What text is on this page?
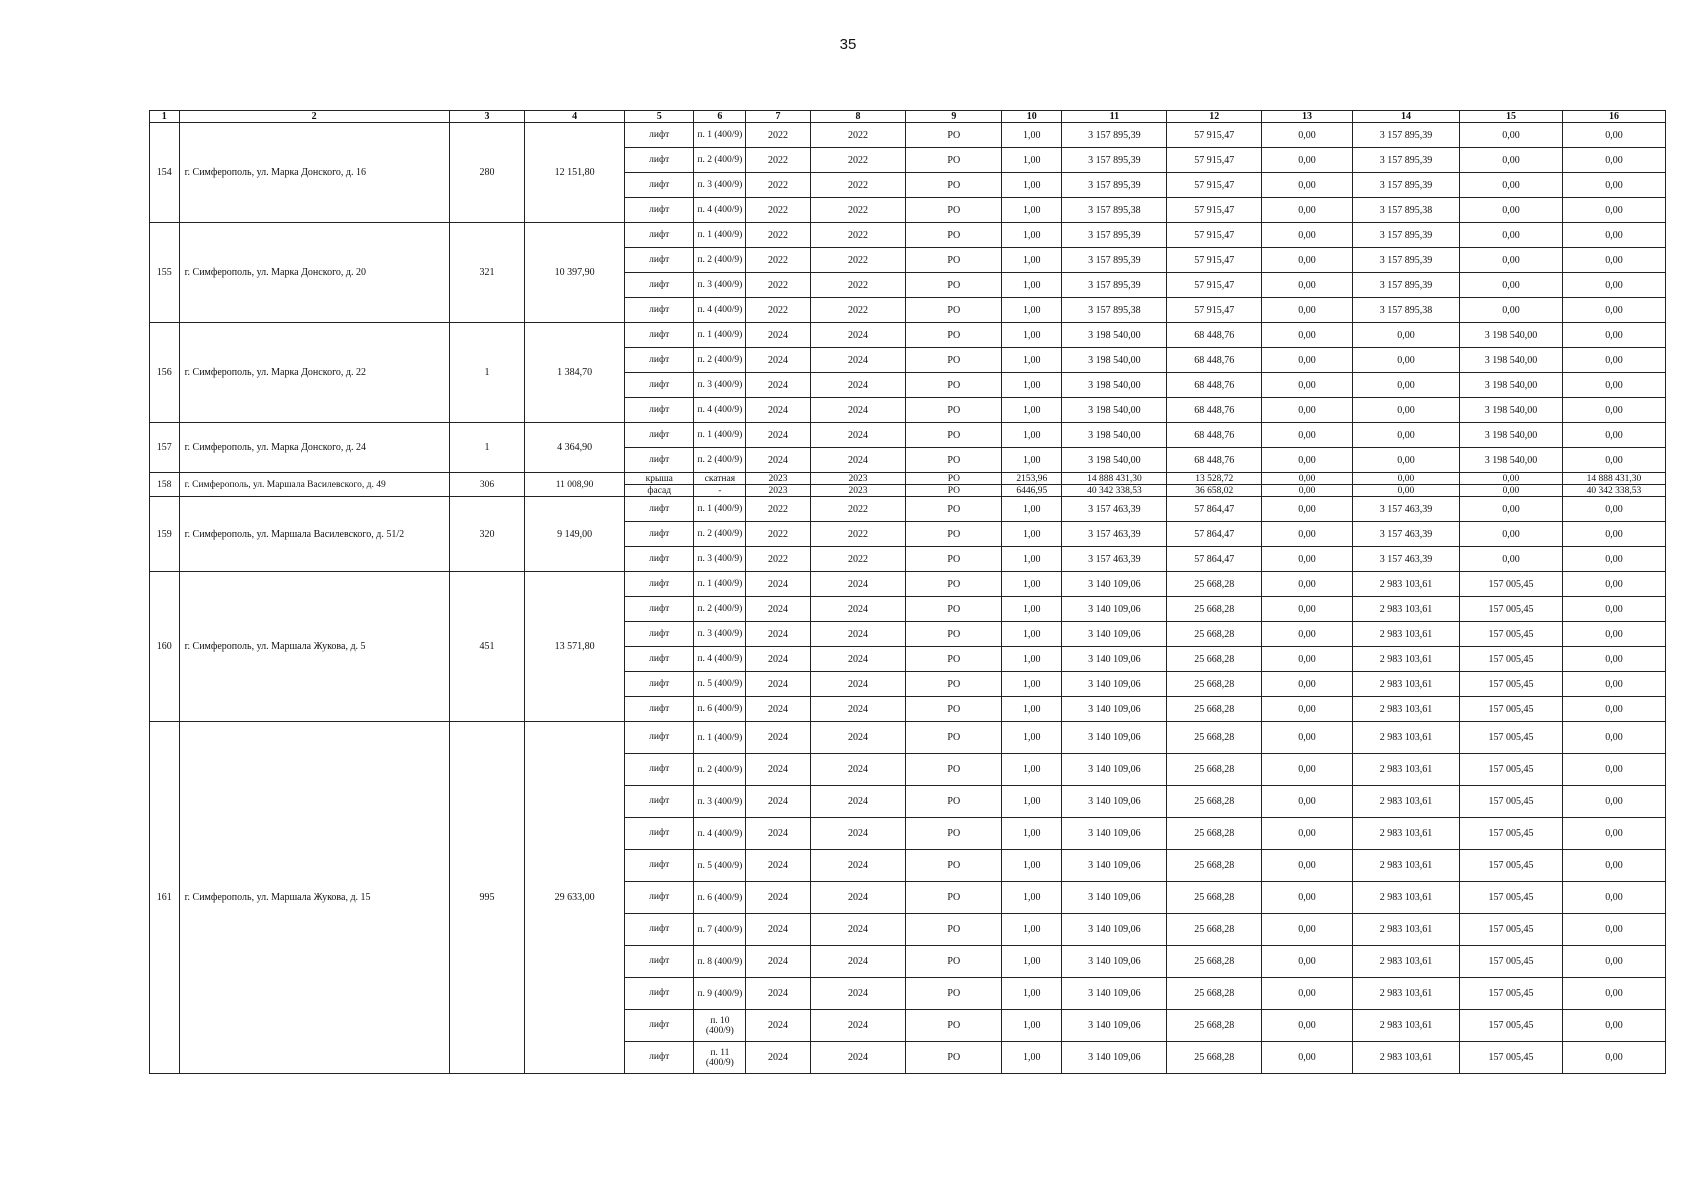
35
1	2	3	4	5	6	7	8	9	10	11	12	13	14	15	16
154	г. Симферополь, ул. Марка Донского, д. 16	280	12 151,80	лифт	п. 1 (400/9)	2022	2022	РО	1,00	3 157 895,39	57 915,47	0,00	3 157 895,39	0,00	0,00
				лифт	п. 2 (400/9)	2022	2022	РО	1,00	3 157 895,39	57 915,47	0,00	3 157 895,39	0,00	0,00
				лифт	п. 3 (400/9)	2022	2022	РО	1,00	3 157 895,39	57 915,47	0,00	3 157 895,39	0,00	0,00
				лифт	п. 4 (400/9)	2022	2022	РО	1,00	3 157 895,38	57 915,47	0,00	3 157 895,38	0,00	0,00
155	г. Симферополь, ул. Марка Донского, д. 20	321	10 397,90	лифт	п. 1 (400/9)	2022	2022	РО	1,00	3 157 895,39	57 915,47	0,00	3 157 895,39	0,00	0,00
				лифт	п. 2 (400/9)	2022	2022	РО	1,00	3 157 895,39	57 915,47	0,00	3 157 895,39	0,00	0,00
				лифт	п. 3 (400/9)	2022	2022	РО	1,00	3 157 895,39	57 915,47	0,00	3 157 895,39	0,00	0,00
				лифт	п. 4 (400/9)	2022	2022	РО	1,00	3 157 895,38	57 915,47	0,00	3 157 895,38	0,00	0,00
156	г. Симферополь, ул. Марка Донского, д. 22	1	1 384,70	лифт	п. 1 (400/9)	2024	2024	РО	1,00	3 198 540,00	68 448,76	0,00	0,00	3 198 540,00	0,00
				лифт	п. 2 (400/9)	2024	2024	РО	1,00	3 198 540,00	68 448,76	0,00	0,00	3 198 540,00	0,00
				лифт	п. 3 (400/9)	2024	2024	РО	1,00	3 198 540,00	68 448,76	0,00	0,00	3 198 540,00	0,00
				лифт	п. 4 (400/9)	2024	2024	РО	1,00	3 198 540,00	68 448,76	0,00	0,00	3 198 540,00	0,00
157	г. Симферополь, ул. Марка Донского, д. 24	1	4 364,90	лифт	п. 1 (400/9)	2024	2024	РО	1,00	3 198 540,00	68 448,76	0,00	0,00	3 198 540,00	0,00
				лифт	п. 2 (400/9)	2024	2024	РО	1,00	3 198 540,00	68 448,76	0,00	0,00	3 198 540,00	0,00
158	г. Симферополь, ул. Маршала Василевского, д. 49	306	11 008,90	крыша	скатная	2023	2023	РО	2153,96	14 888 431,30	13 528,72	0,00	0,00	0,00	14 888 431,30
				фасад	-	2023	2023	РО	6446,95	40 342 338,53	36 658,02	0,00	0,00	0,00	40 342 338,53
159	г. Симферополь, ул. Маршала Василевского, д. 51/2	320	9 149,00	лифт	п. 1 (400/9)	2022	2022	РО	1,00	3 157 463,39	57 864,47	0,00	3 157 463,39	0,00	0,00
				лифт	п. 2 (400/9)	2022	2022	РО	1,00	3 157 463,39	57 864,47	0,00	3 157 463,39	0,00	0,00
				лифт	п. 3 (400/9)	2022	2022	РО	1,00	3 157 463,39	57 864,47	0,00	3 157 463,39	0,00	0,00
160	г. Симферополь, ул. Маршала Жукова, д. 5	451	13 571,80	лифт	п. 1 (400/9)	2024	2024	РО	1,00	3 140 109,06	25 668,28	0,00	2 983 103,61	157 005,45	0,00
				лифт	п. 2 (400/9)	2024	2024	РО	1,00	3 140 109,06	25 668,28	0,00	2 983 103,61	157 005,45	0,00
				лифт	п. 3 (400/9)	2024	2024	РО	1,00	3 140 109,06	25 668,28	0,00	2 983 103,61	157 005,45	0,00
				лифт	п. 4 (400/9)	2024	2024	РО	1,00	3 140 109,06	25 668,28	0,00	2 983 103,61	157 005,45	0,00
				лифт	п. 5 (400/9)	2024	2024	РО	1,00	3 140 109,06	25 668,28	0,00	2 983 103,61	157 005,45	0,00
				лифт	п. 6 (400/9)	2024	2024	РО	1,00	3 140 109,06	25 668,28	0,00	2 983 103,61	157 005,45	0,00
161	г. Симферополь, ул. Маршала Жукова, д. 15	995	29 633,00	лифт	п. 1 (400/9)	2024	2024	РО	1,00	3 140 109,06	25 668,28	0,00	2 983 103,61	157 005,45	0,00
				лифт	п. 2 (400/9)	2024	2024	РО	1,00	3 140 109,06	25 668,28	0,00	2 983 103,61	157 005,45	0,00
				лифт	п. 3 (400/9)	2024	2024	РО	1,00	3 140 109,06	25 668,28	0,00	2 983 103,61	157 005,45	0,00
				лифт	п. 4 (400/9)	2024	2024	РО	1,00	3 140 109,06	25 668,28	0,00	2 983 103,61	157 005,45	0,00
				лифт	п. 5 (400/9)	2024	2024	РО	1,00	3 140 109,06	25 668,28	0,00	2 983 103,61	157 005,45	0,00
				лифт	п. 6 (400/9)	2024	2024	РО	1,00	3 140 109,06	25 668,28	0,00	2 983 103,61	157 005,45	0,00
				лифт	п. 7 (400/9)	2024	2024	РО	1,00	3 140 109,06	25 668,28	0,00	2 983 103,61	157 005,45	0,00
				лифт	п. 8 (400/9)	2024	2024	РО	1,00	3 140 109,06	25 668,28	0,00	2 983 103,61	157 005,45	0,00
				лифт	п. 9 (400/9)	2024	2024	РО	1,00	3 140 109,06	25 668,28	0,00	2 983 103,61	157 005,45	0,00
				лифт	п. 10 (400/9)	2024	2024	РО	1,00	3 140 109,06	25 668,28	0,00	2 983 103,61	157 005,45	0,00
				лифт	п. 11 (400/9)	2024	2024	РО	1,00	3 140 109,06	25 668,28	0,00	2 983 103,61	157 005,45	0,00
